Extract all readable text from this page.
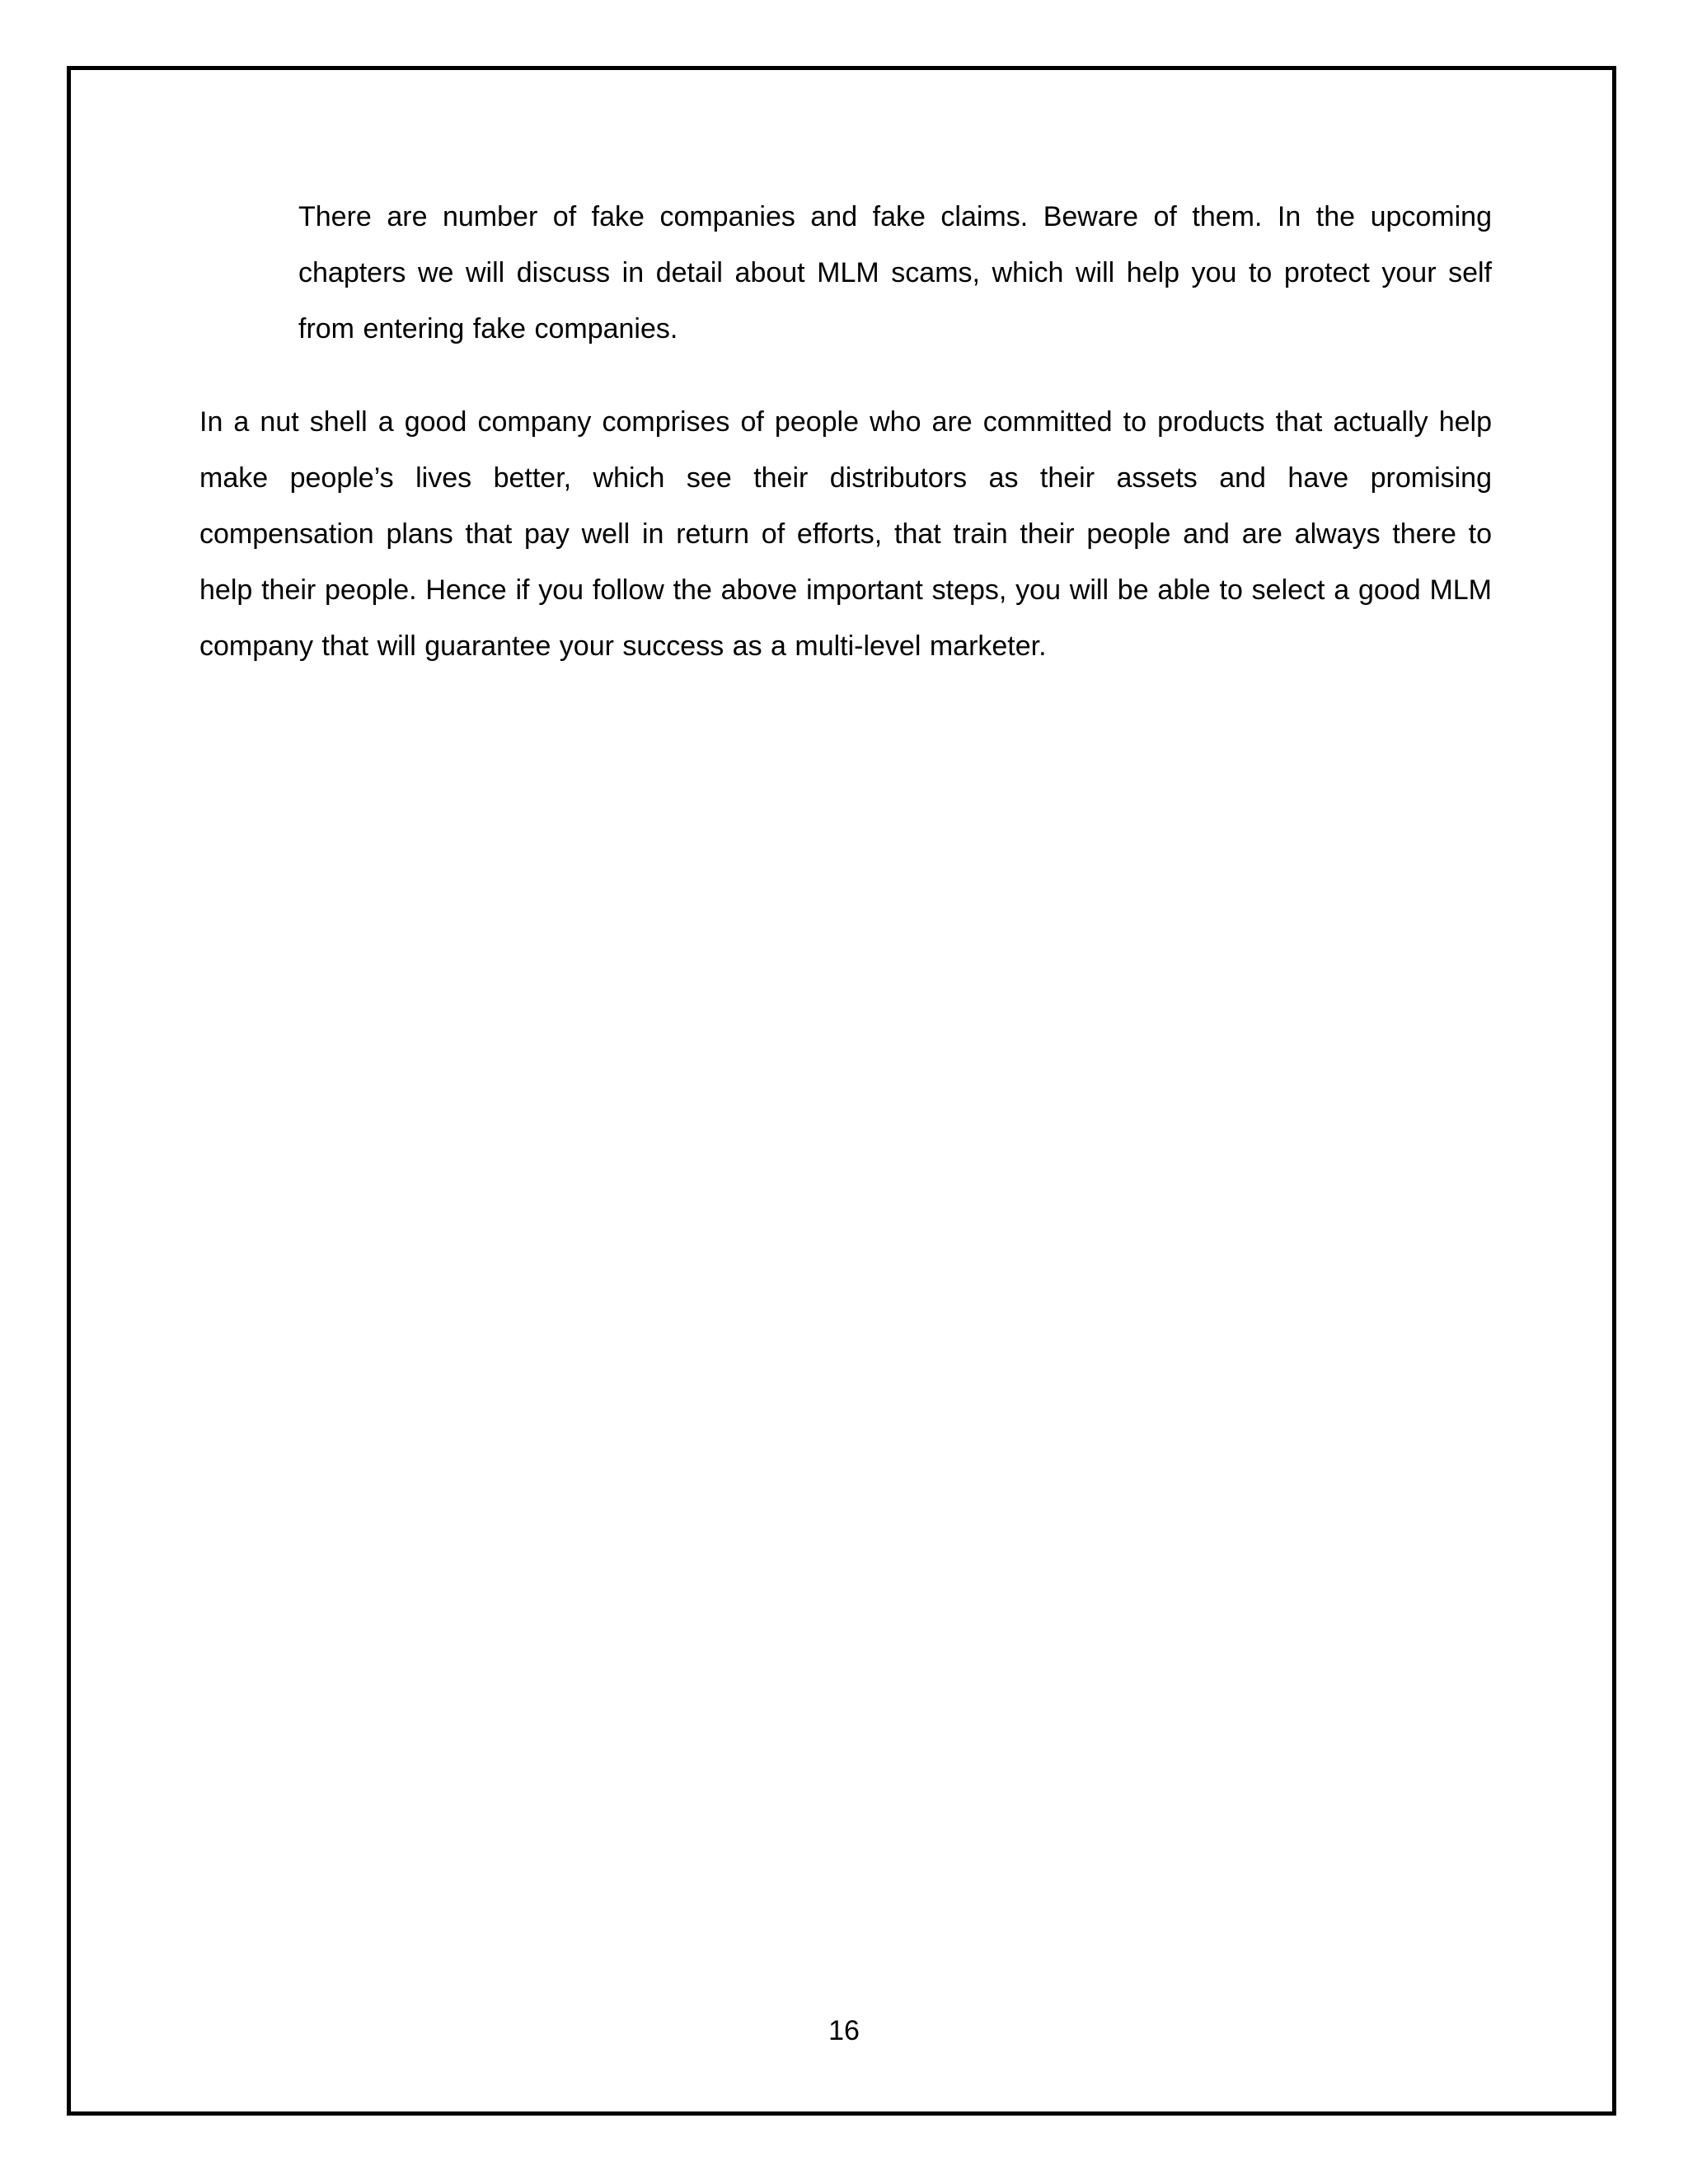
There are number of fake companies and fake claims. Beware of them. In the upcoming chapters we will discuss in detail about MLM scams, which will help you to protect your self from entering fake companies.

In a nut shell a good company comprises of people who are committed to products that actually help make people’s lives better, which see their distributors as their assets and have promising compensation plans that pay well in return of efforts, that train their people and are always there to help their people. Hence if you follow the above important steps, you will be able to select a good MLM company that will guarantee your success as a multi-level marketer.

16
